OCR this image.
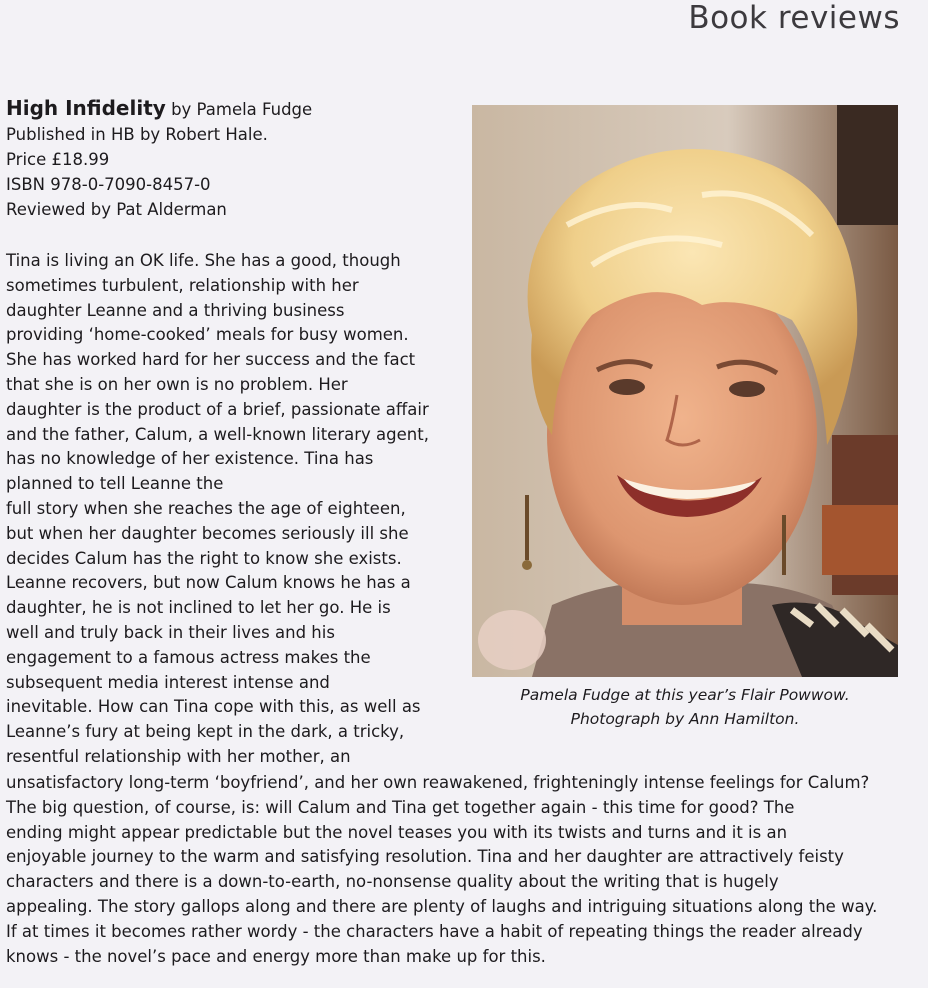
Book reviews
High Infidelity by Pamela Fudge
Published in HB by Robert Hale.
Price £18.99
ISBN 978-0-7090-8457-0
Reviewed by Pat Alderman
Tina is living an OK life. She has a good, though
sometimes turbulent, relationship with her
daughter Leanne and a thriving business
providing ‘home-cooked’ meals for busy women.
She has worked hard for her success and the fact
that she is on her own is no problem. Her
daughter is the product of a brief, passionate affair
and the father, Calum, a well-known literary agent,
has no knowledge of her existence. Tina has
planned to tell Leanne the
full story when she reaches the age of eighteen,
but when her daughter becomes seriously ill she
decides Calum has the right to know she exists.
Leanne recovers, but now Calum knows he has a
daughter, he is not inclined to let her go. He is
well and truly back in their lives and his
engagement to a famous actress makes the
subsequent media interest intense and
inevitable. How can Tina cope with this, as well as
Leanne’s fury at being kept in the dark, a tricky,
resentful relationship with her mother, an
unsatisfactory long-term ‘boyfriend’, and her own reawakened, frighteningly intense feelings for Calum?
The big question, of course, is: will Calum and Tina get together again - this time for good? The
ending might appear predictable but the novel teases you with its twists and turns and it is an
enjoyable journey to the warm and satisfying resolution. Tina and her daughter are attractively feisty
characters and there is a down-to-earth, no-nonsense quality about the writing that is hugely
appealing. The story gallops along and there are plenty of laughs and intriguing situations along the way.
If at times it becomes rather wordy - the characters have a habit of repeating things the reader already
knows - the novel’s pace and energy more than make up for this.
Pamela Fudge at this year’s Flair Powwow.
Photograph by Ann Hamilton.
